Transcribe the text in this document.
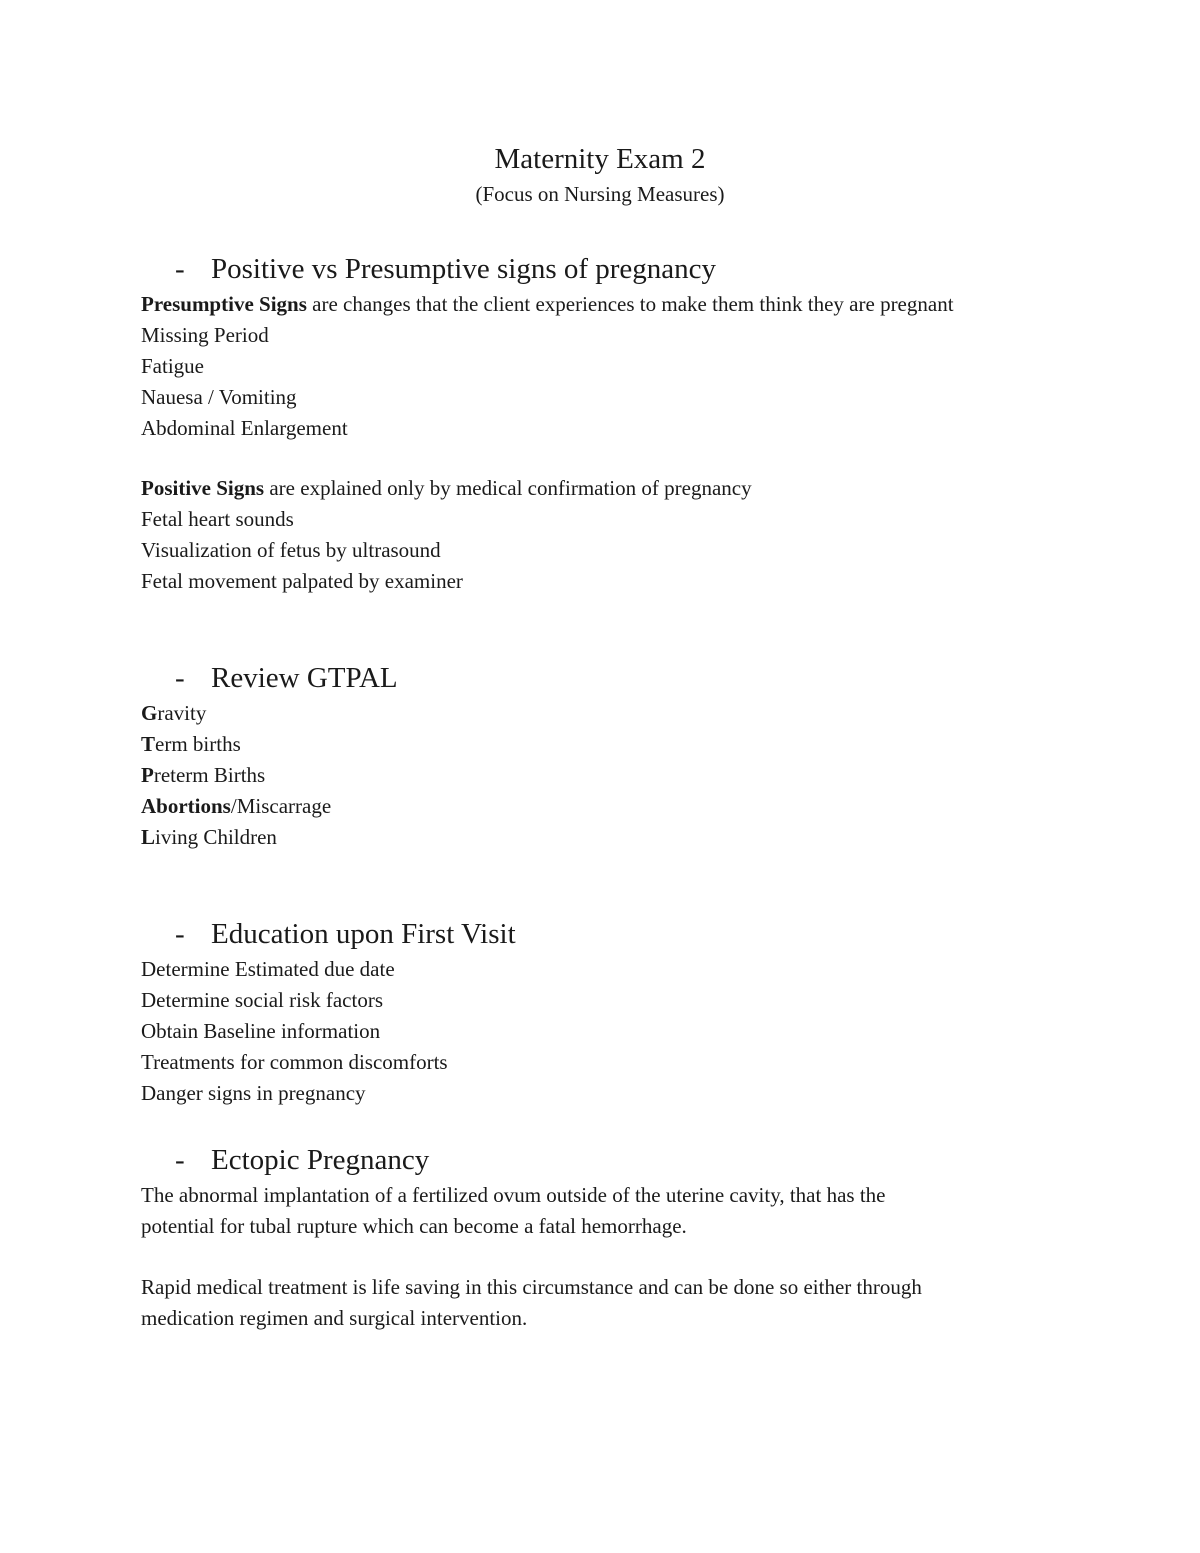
Maternity Exam 2
(Focus on Nursing Measures)
- Positive vs Presumptive signs of pregnancy
Presumptive Signs are changes that the client experiences to make them think they are pregnant
Missing Period
Fatigue
Nauesa / Vomiting
Abdominal Enlargement
Positive Signs are explained only by medical confirmation of pregnancy
Fetal heart sounds
Visualization of fetus by ultrasound
Fetal movement palpated by examiner
- Review GTPAL
Gravity
Term births
Preterm Births
Abortions/Miscarrage
Living Children
- Education upon First Visit
Determine Estimated due date
Determine social risk factors
Obtain Baseline information
Treatments for common discomforts
Danger signs in pregnancy
- Ectopic Pregnancy
The abnormal implantation of a fertilized ovum outside of the uterine cavity, that has the
potential for tubal rupture which can become a fatal hemorrhage.
Rapid medical treatment is life saving in this circumstance and can be done so either through
medication regimen and surgical intervention.
